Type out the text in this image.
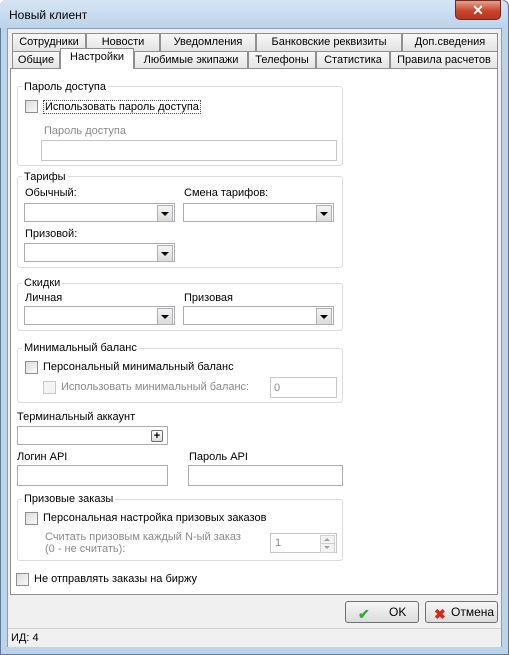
Новый клиент	✕
Сотрудники	Новости	Уведомления	Банковские реквизиты	Доп.сведения
Общие	Настройки	Любимые экипажи	Телефоны	Статистика	Правила расчетов
Пароль доступа
Использовать пароль доступа
Пароль доступа
Тарифы
Обычный:	Смена тарифов:
Призовой:
Скидки
Личная	Призовая
Минимальный баланс
Персональный минимальный баланс
Использовать минимальный баланс:
0
Терминальный аккаунт
+
Логин API	Пароль API
Призовые заказы
Персональная настройка призовых заказов
Считать призовым каждый N-ый заказ
(0 - не считать):	1
Не отправлять заказы на биржу
✔ OK ✖ Отмена
ИД: 4
